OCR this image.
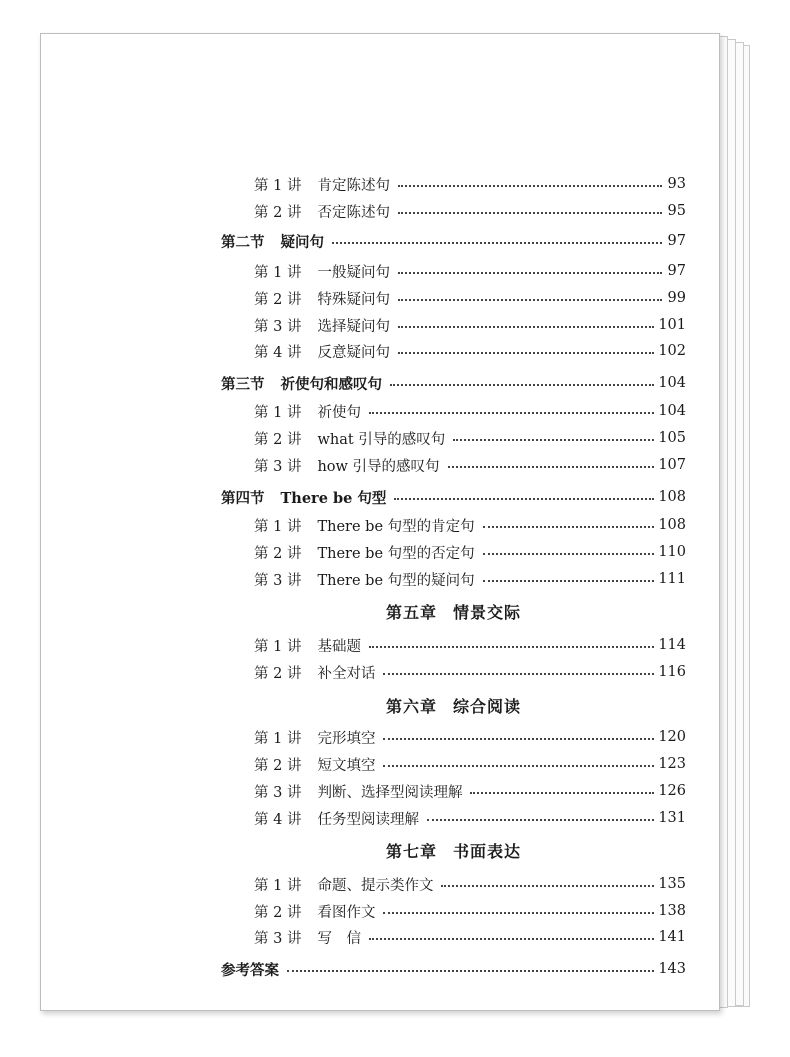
第 1 讲 肯定陈述句	93
第 2 讲 否定陈述句	95
第二节 疑问句	97
第 1 讲 一般疑问句	97
第 2 讲 特殊疑问句	99
第 3 讲 选择疑问句	101
第 4 讲 反意疑问句	102
第三节 祈使句和感叹句	104
第 1 讲 祈使句	104
第 2 讲 what 引导的感叹句	105
第 3 讲 how 引导的感叹句	107
第四节 There be 句型	108
第 1 讲 There be 句型的肯定句	108
第 2 讲 There be 句型的否定句	110
第 3 讲 There be 句型的疑问句	111
第五章 情景交际
第 1 讲 基础题	114
第 2 讲 补全对话	116
第六章 综合阅读
第 1 讲 完形填空	120
第 2 讲 短文填空	123
第 3 讲 判断、选择型阅读理解	126
第 4 讲 任务型阅读理解	131
第七章 书面表达
第 1 讲 命题、提示类作文	135
第 2 讲 看图作文	138
第 3 讲 写　信	141
参考答案	143
